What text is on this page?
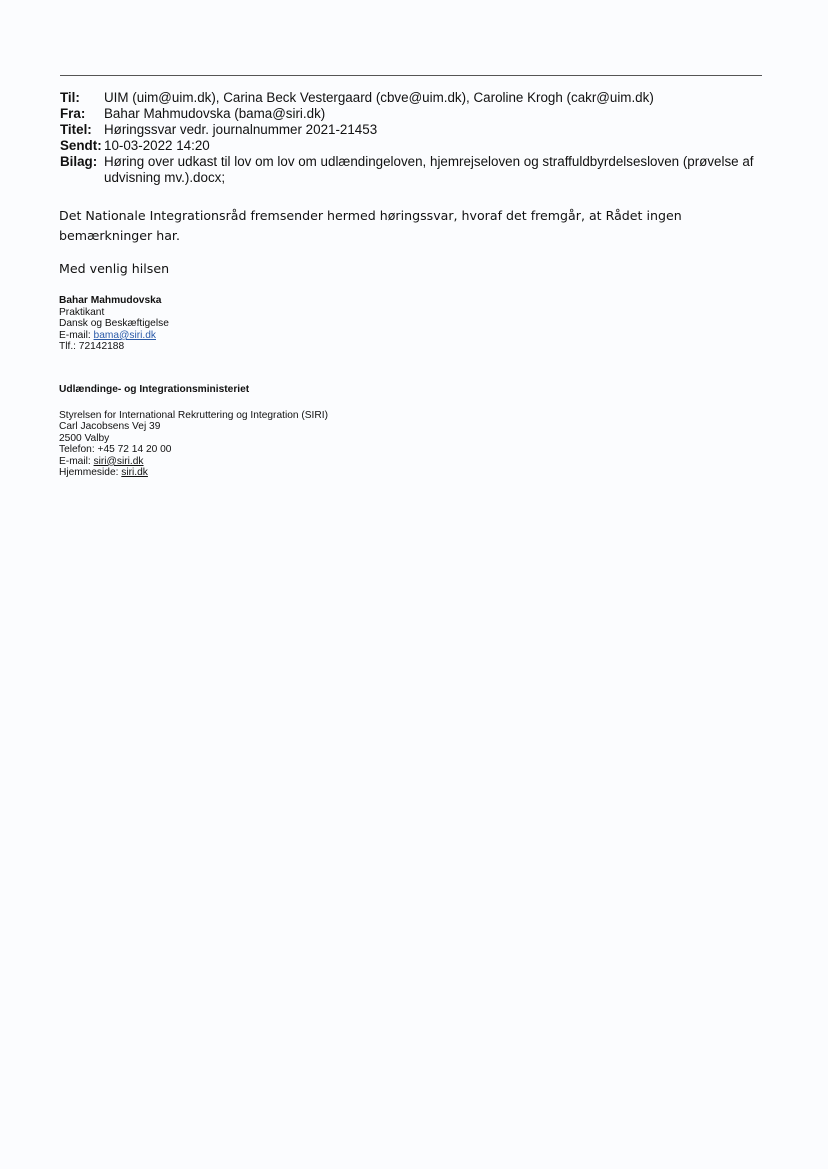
Til:	UIM (uim@uim.dk), Carina Beck Vestergaard (cbve@uim.dk), Caroline Krogh (cakr@uim.dk)
Fra:	Bahar Mahmudovska (bama@siri.dk)
Titel: Høringssvar vedr. journalnummer 2021-21453
Sendt: 10-03-2022 14:20
Bilag: Høring over udkast til lov om lov om udlændingeloven, hjemrejseloven og straffuldbyrdelsesloven (prøvelse af udvisning mv.).docx;
Det Nationale Integrationsråd fremsender hermed høringssvar, hvoraf det fremgår, at Rådet ingen bemærkninger har.
Med venlig hilsen
Bahar Mahmudovska
Praktikant
Dansk og Beskæftigelse
E-mail: bama@siri.dk
Tlf.: 72142188
Udlændinge- og Integrationsministeriet
Styrelsen for International Rekruttering og Integration (SIRI)
Carl Jacobsens Vej 39
2500 Valby
Telefon: +45 72 14 20 00
E-mail: siri@siri.dk
Hjemmeside: siri.dk
